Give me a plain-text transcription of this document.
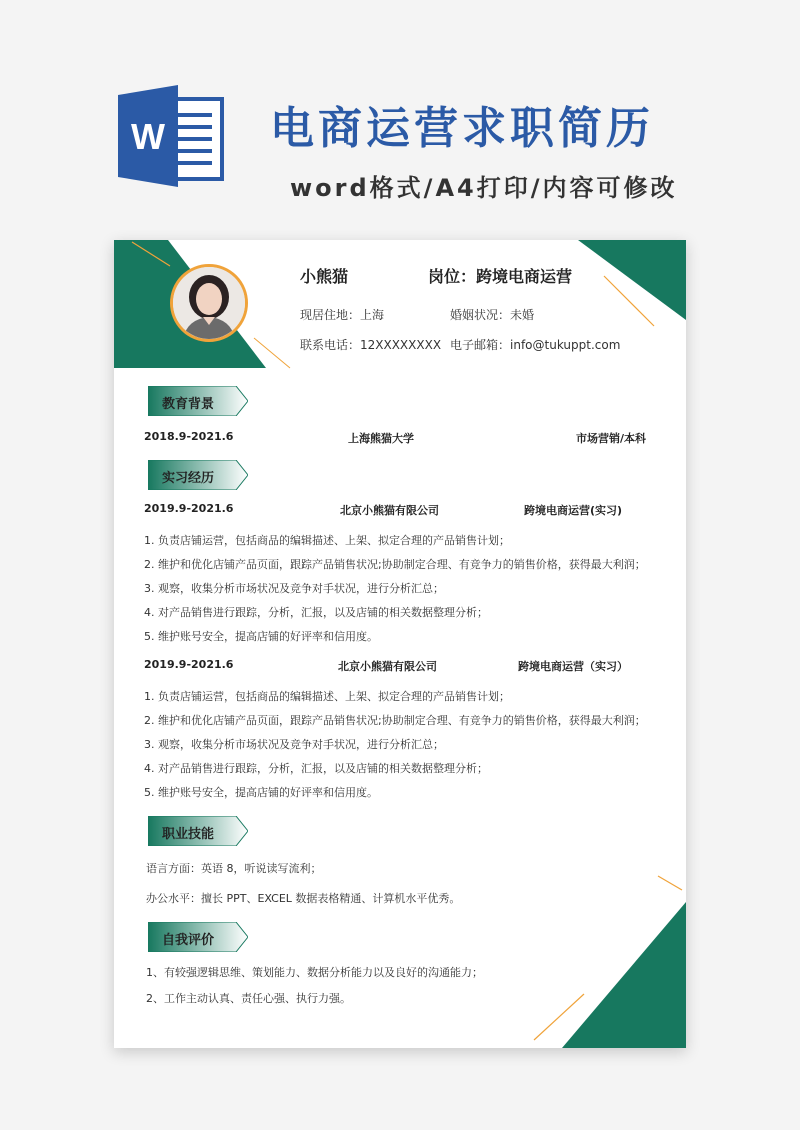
W 电商运营求职简历
word格式/A4打印/内容可修改
小熊猫	岗位：跨境电商运营
现居住地：上海	婚姻状况：未婚
联系电话：12XXXXXXXX 电子邮箱：info@tukuppt.com
教育背景
2018.9-2021.6	上海熊猫大学	市场营销/本科
实习经历
2019.9-2021.6	北京小熊猫有限公司	跨境电商运营(实习)
1. 负责店铺运营，包括商品的编辑描述、上架、拟定合理的产品销售计划；
2. 维护和优化店铺产品页面，跟踪产品销售状况;协助制定合理、有竞争力的销售价格，获得最大利润；
3. 观察，收集分析市场状况及竞争对手状况，进行分析汇总；
4. 对产品销售进行跟踪，分析，汇报，以及店铺的相关数据整理分析；
5. 维护账号安全，提高店铺的好评率和信用度。
2019.9-2021.6	北京小熊猫有限公司	跨境电商运营（实习）
1. 负责店铺运营，包括商品的编辑描述、上架、拟定合理的产品销售计划；
2. 维护和优化店铺产品页面，跟踪产品销售状况;协助制定合理、有竞争力的销售价格，获得最大利润；
3. 观察，收集分析市场状况及竞争对手状况，进行分析汇总；
4. 对产品销售进行跟踪，分析，汇报，以及店铺的相关数据整理分析；
5. 维护账号安全，提高店铺的好评率和信用度。
职业技能
语言方面：英语 8，听说读写流利；
办公水平：擅长 PPT、EXCEL 数据表格精通、计算机水平优秀。
自我评价
1、有较强逻辑思维、策划能力、数据分析能力以及良好的沟通能力；
2、工作主动认真、责任心强、执行力强。
